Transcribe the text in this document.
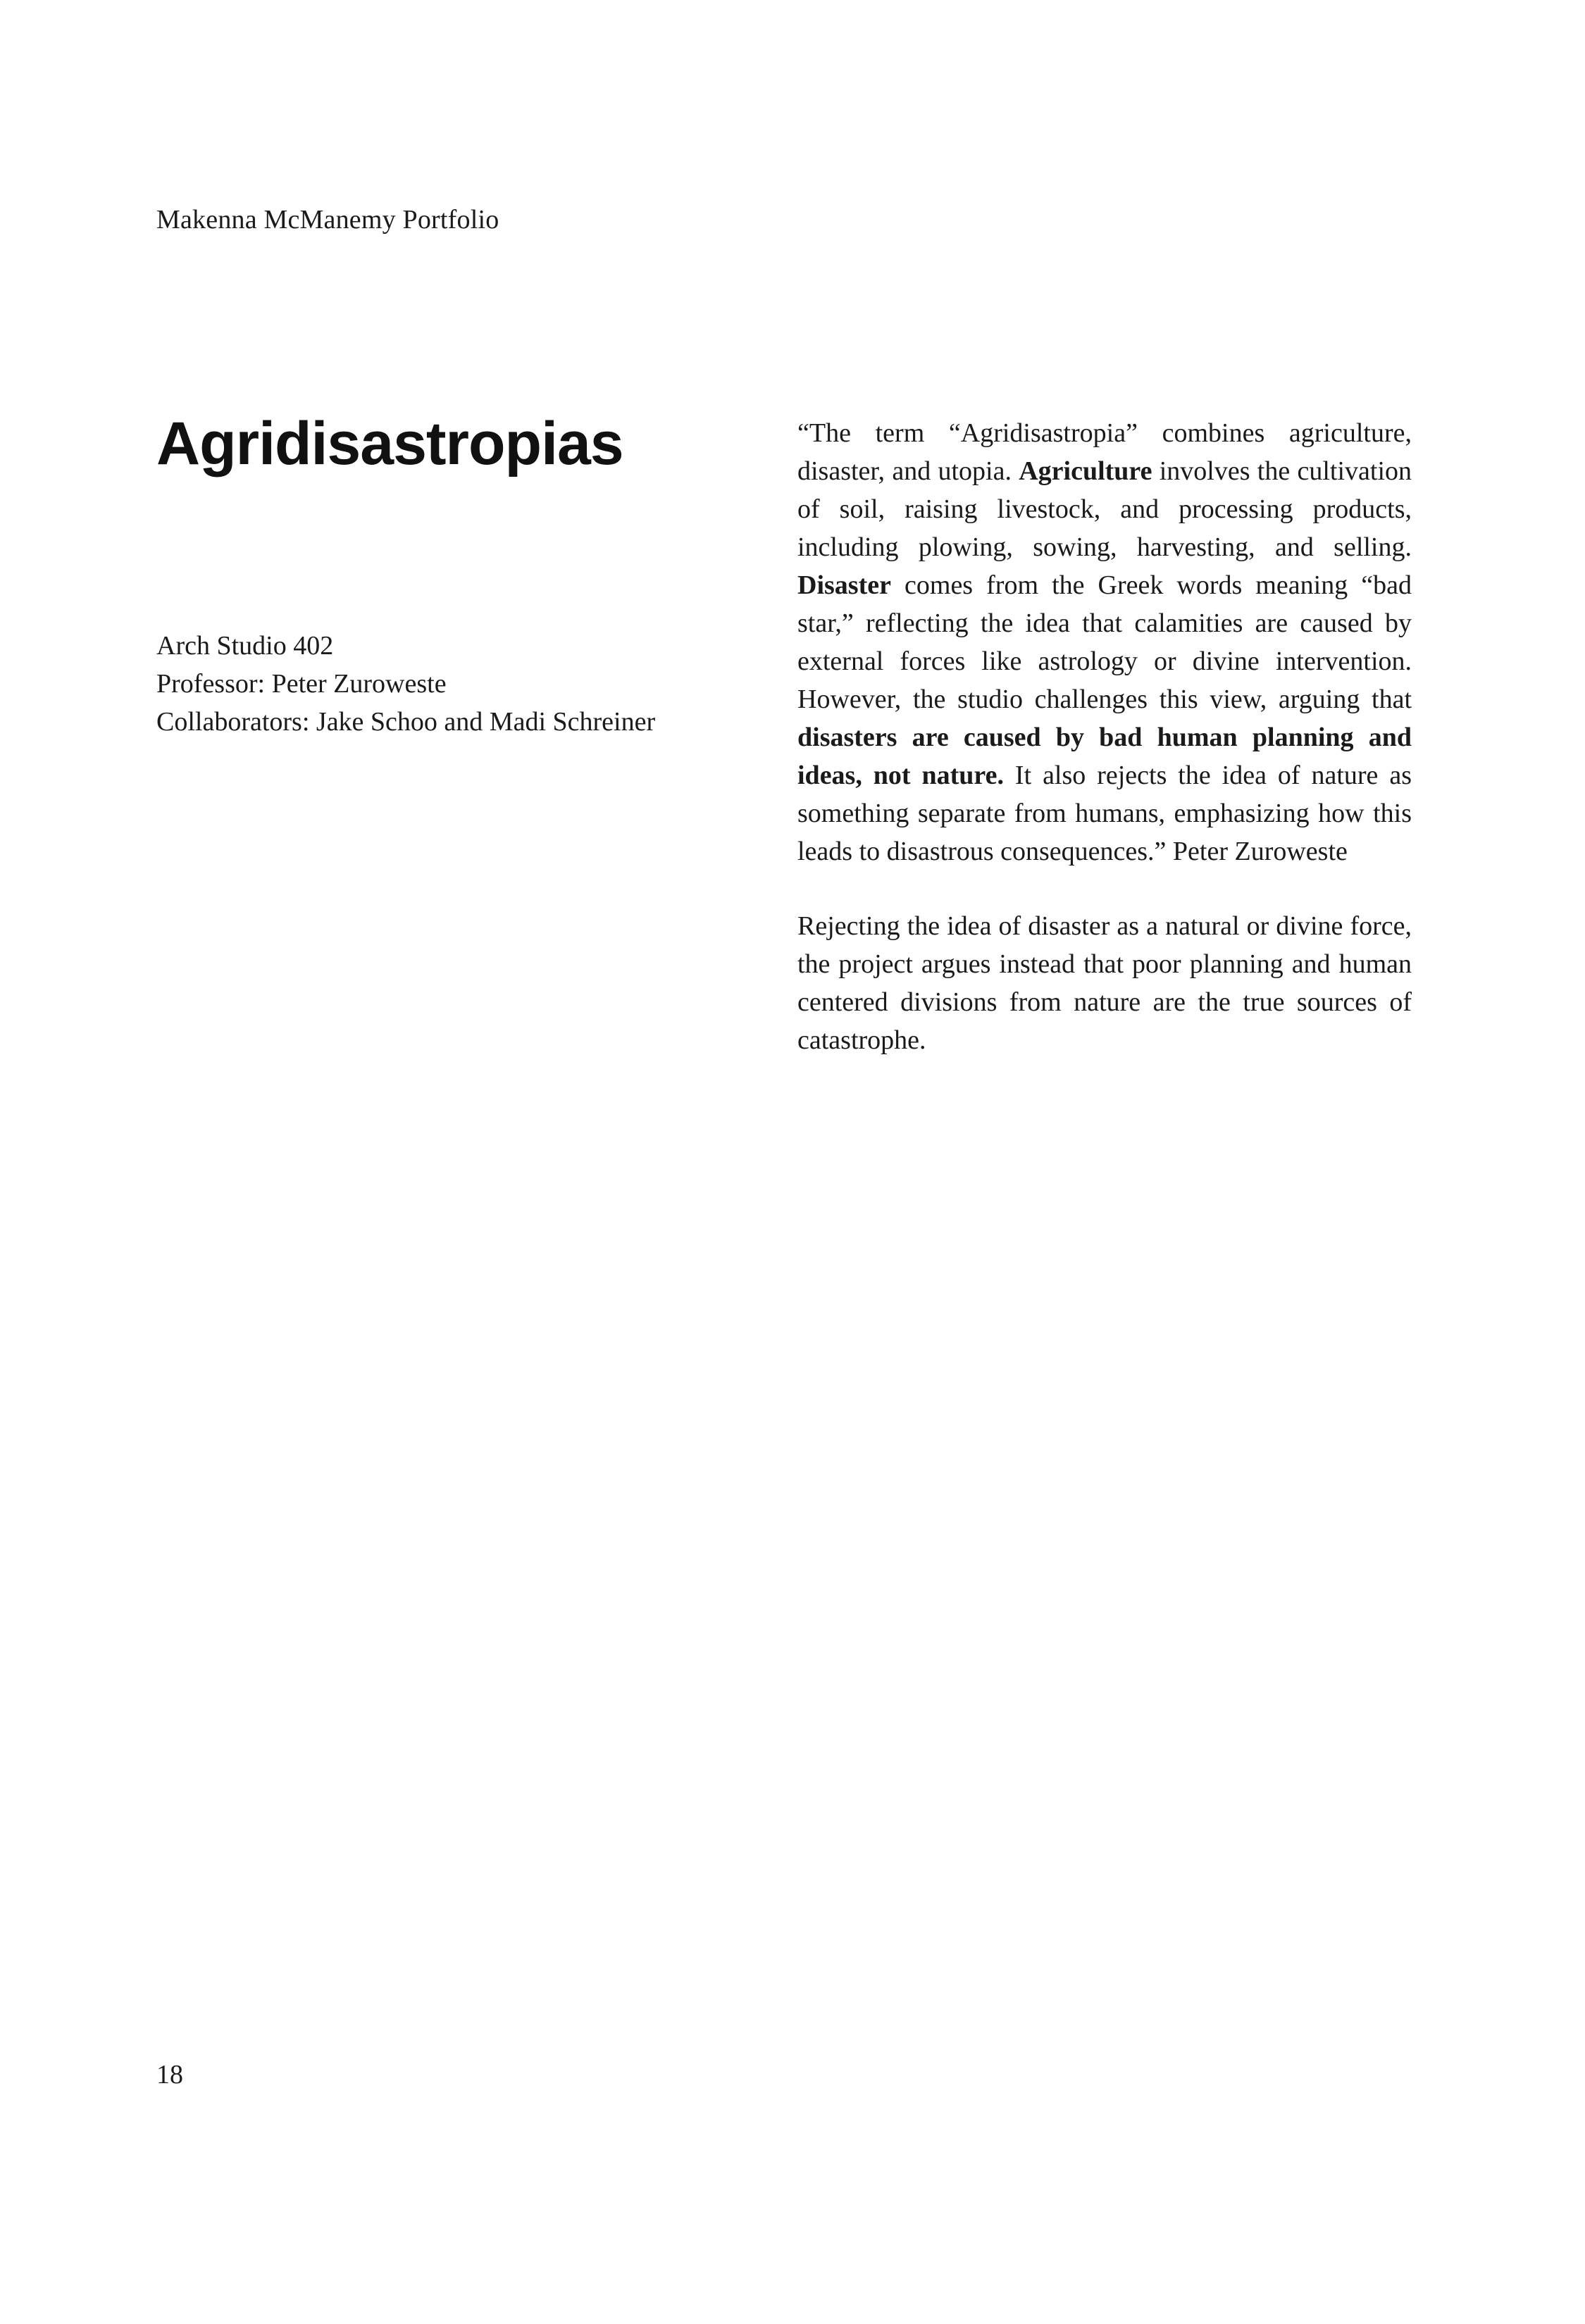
Makenna McManemy Portfolio
Agridisastropias
Arch Studio 402
Professor: Peter Zuroweste
Collaborators: Jake Schoo and Madi Schreiner

“The term “Agridisastropia” combines agriculture, disaster, and utopia. Agriculture involves the cultivation of soil, raising livestock, and processing products, including plowing, sowing, harvesting, and selling. Disaster comes from the Greek words meaning “bad star,” reflecting the idea that calamities are caused by external forces like astrology or divine intervention. However, the studio challenges this view, arguing that disasters are caused by bad human planning and ideas, not nature. It also rejects the idea of nature as something separate from humans, emphasizing how this leads to disastrous consequences.” Peter Zuroweste

Rejecting the idea of disaster as a natural or divine force, the project argues instead that poor planning and human centered divisions from nature are the true sources of catastrophe.

18
